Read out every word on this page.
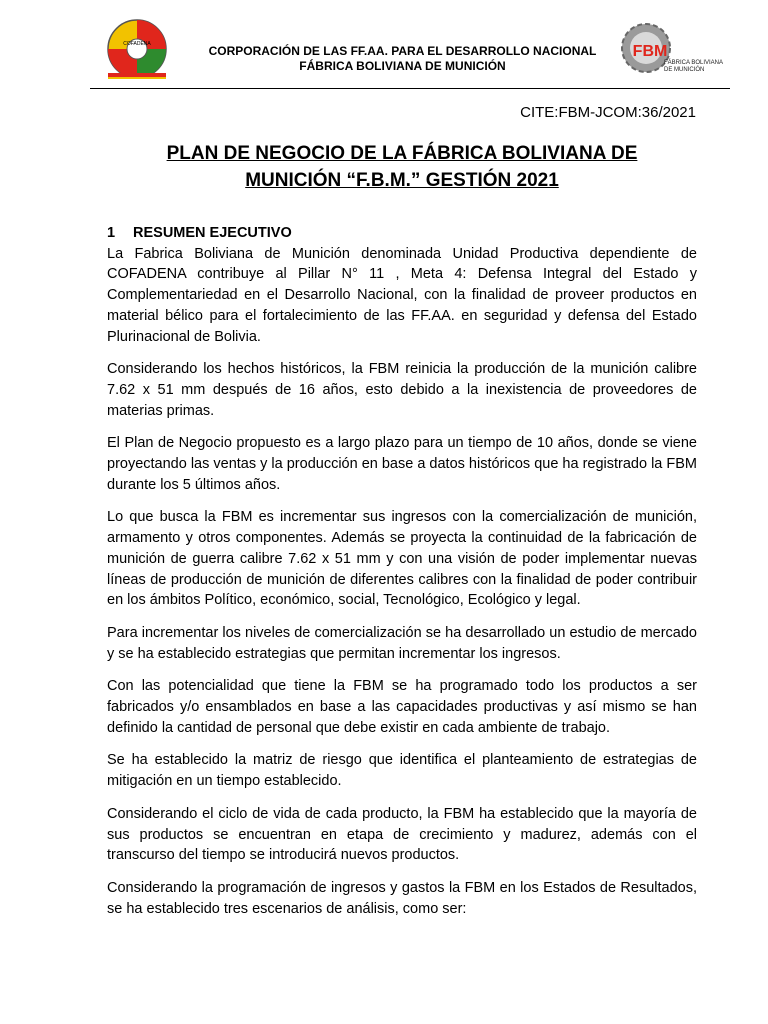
COFADENA	CORPORACIÓN DE LAS FF.AA. PARA EL DESARROLLO NACIONAL
FÁBRICA BOLIVIANA DE MUNICIÓN
FBM
FÁBRICA BOLIVIANA
DE MUNICIÓN
CITE:FBM-JCOM:36/2021
PLAN DE NEGOCIO DE LA FÁBRICA BOLIVIANA DE
MUNICIÓN “F.B.M.” GESTIÓN 2021
1 RESUMEN EJECUTIVO

La Fabrica Boliviana de Munición denominada Unidad Productiva dependiente de COFADENA contribuye al Pillar N° 11 , Meta 4: Defensa Integral del Estado y Complementariedad en el Desarrollo Nacional, con la finalidad de proveer productos en material bélico para el fortalecimiento de las FF.AA. en seguridad y defensa del Estado Plurinacional de Bolivia.

Considerando los hechos históricos, la FBM reinicia la producción de la munición calibre 7.62 x 51 mm después de 16 años, esto debido a la inexistencia de proveedores de materias primas.

El Plan de Negocio propuesto es a largo plazo para un tiempo de 10 años, donde se viene proyectando las ventas y la producción en base a datos históricos que ha registrado la FBM durante los 5 últimos años.

Lo que busca la FBM es incrementar sus ingresos con la comercialización de munición, armamento y otros componentes. Además se proyecta la continuidad de la fabricación de munición de guerra calibre 7.62 x 51 mm y con una visión de poder implementar nuevas líneas de producción de munición de diferentes calibres con la finalidad de poder contribuir en los ámbitos Político, económico, social, Tecnológico, Ecológico y legal.

Para incrementar los niveles de comercialización se ha desarrollado un estudio de mercado y se ha establecido estrategias que permitan incrementar los ingresos.

Con las potencialidad que tiene la FBM se ha programado todo los productos a ser fabricados y/o ensamblados en base a las capacidades productivas y así mismo se han definido la cantidad de personal que debe existir en cada ambiente de trabajo.

Se ha establecido la matriz de riesgo que identifica el planteamiento de estrategias de mitigación en un tiempo establecido.

Considerando el ciclo de vida de cada producto, la FBM ha establecido que la mayoría de sus productos se encuentran en etapa de crecimiento y madurez, además con el transcurso del tiempo se introducirá nuevos productos.

Considerando la programación de ingresos y gastos la FBM en los Estados de Resultados, se ha establecido tres escenarios de análisis, como ser:
